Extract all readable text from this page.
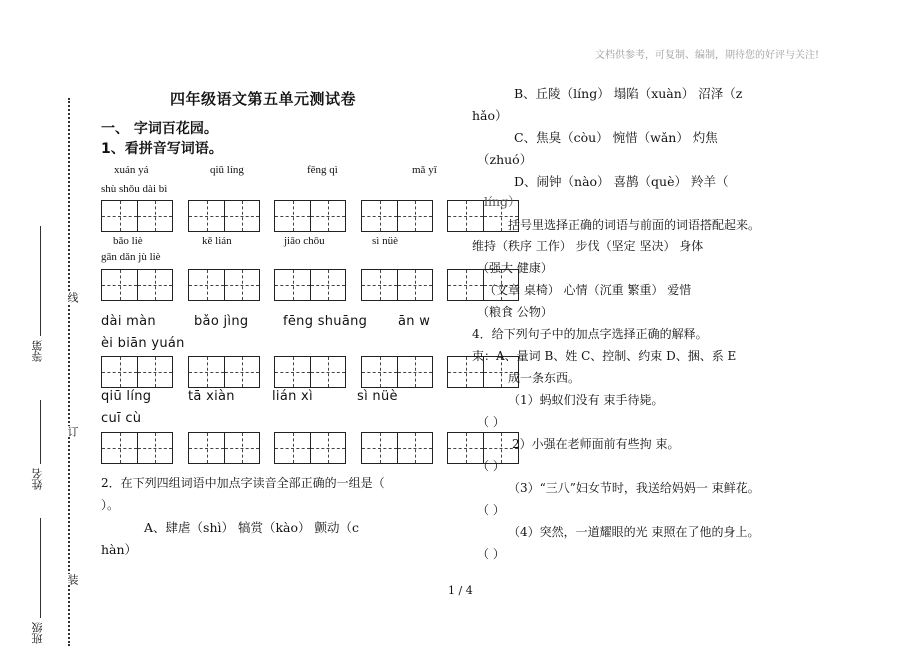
文档供参考，可复制、编制，期待您的好评与关注!
1 / 4
线
订
装
等第
姓名
班级
四年级语文第五单元测试卷
一、 字词百花园。
1、看拼音写词语。
xuán yá	qiū líng	fēng qì	mǎ yǐ
shù shǒu dài bì
bǎo liè	kě lián	jiāo chōu	sì nüè
gān dǎn jù liè
dài màn	bǎo jìng	fēng shuāng ān w
èi biān yuán
qiū líng	tā xiàn	lián xì	sì nüè
cuī cù
2．在下列四组词语中加点字读音全部正确的一组是（
）。
A、肆虐（shì） 犒赏（kào） 颤动（c
hàn）
B、丘陵（líng） 塌陷（xuàn） 沼泽（z
hǎo）
C、焦臭（còu） 惋惜（wǎn） 灼焦
（zhuó）
D、闹钟（nào） 喜鹊（què） 羚羊（
líng）
括号里选择正确的词语与前面的词语搭配起来。
维持（秩序 工作） 步伐（坚定 坚决） 身体
（强大 健康）
（文章 桌椅） 心情（沉重 繁重） 爱惜
（粮食 公物）
4．给下列句子中的加点字选择正确的解释。
束：A、量词 B、姓 C、控制、约束 D、捆、系 E
成一条东西。
（1）蚂蚁们没有 束手待毙。
（ ）
2）小强在老师面前有些拘 束。
（ ）
（3）“三八”妇女节时，我送给妈妈一 束鲜花。
（ ）
（4）突然，一道耀眼的光 束照在了他的身上。
（ ）
